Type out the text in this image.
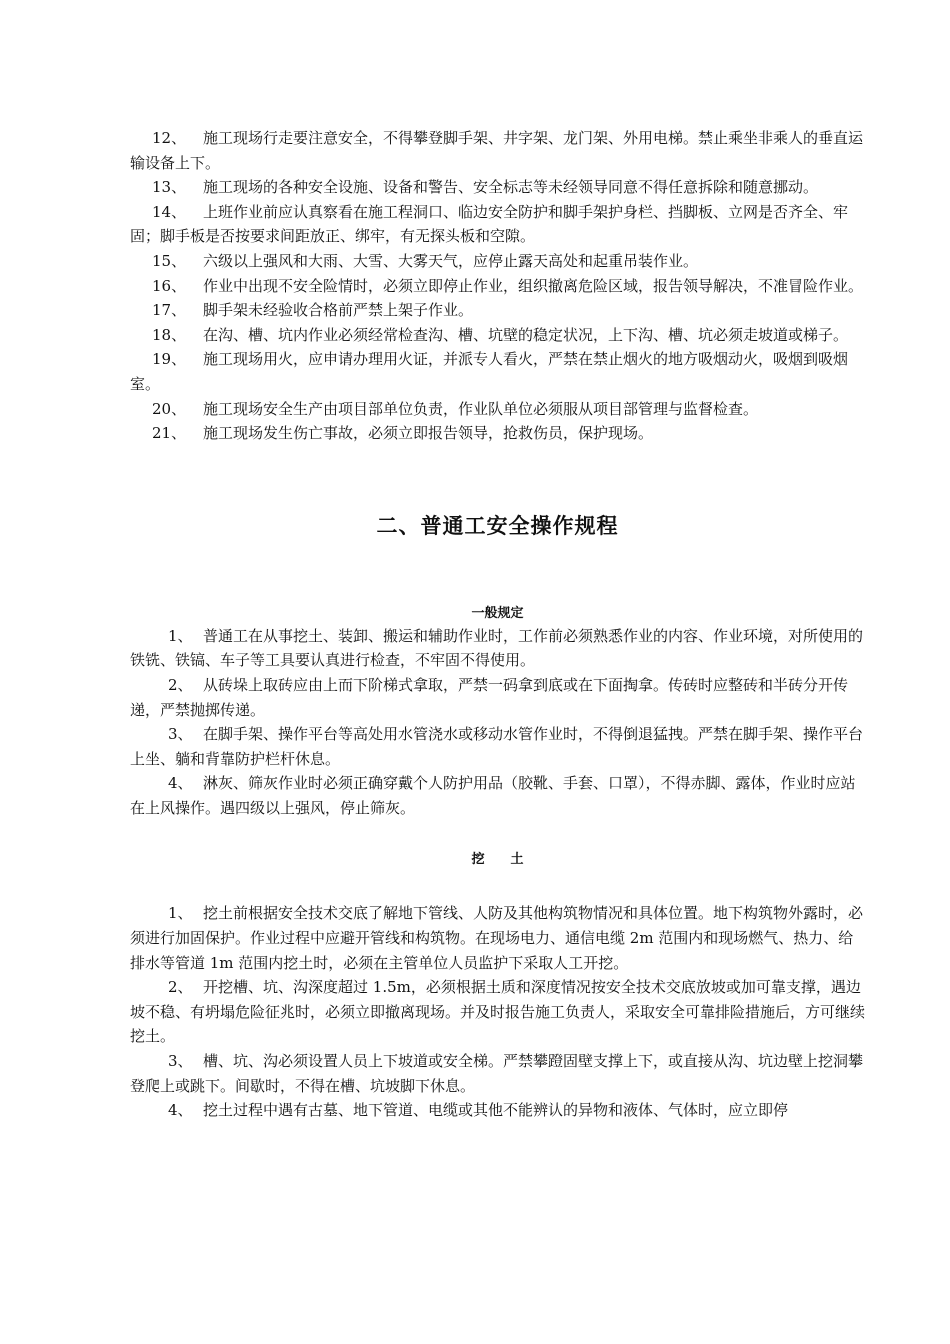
12、 施工现场行走要注意安全，不得攀登脚手架、井字架、龙门架、外用电梯。禁止乘坐非乘人的垂直运输设备上下。

13、 施工现场的各种安全设施、设备和警告、安全标志等未经领导同意不得任意拆除和随意挪动。

14、 上班作业前应认真察看在施工程洞口、临边安全防护和脚手架护身栏、挡脚板、立网是否齐全、牢固；脚手板是否按要求间距放正、绑牢，有无探头板和空隙。

15、 六级以上强风和大雨、大雪、大雾天气，应停止露天高处和起重吊装作业。

16、 作业中出现不安全险情时，必须立即停止作业，组织撤离危险区域，报告领导解决，不准冒险作业。

17、 脚手架未经验收合格前严禁上架子作业。

18、 在沟、槽、坑内作业必须经常检查沟、槽、坑壁的稳定状况，上下沟、槽、坑必须走坡道或梯子。

19、 施工现场用火，应申请办理用火证，并派专人看火，严禁在禁止烟火的地方吸烟动火，吸烟到吸烟室。

20、 施工现场安全生产由项目部单位负责，作业队单位必须服从项目部管理与监督检查。

21、 施工现场发生伤亡事故，必须立即报告领导，抢救伤员，保护现场。

二、普通工安全操作规程
一般规定

1、 普通工在从事挖土、装卸、搬运和辅助作业时，工作前必须熟悉作业的内容、作业环境，对所使用的铁铣、铁镐、车子等工具要认真进行检查，不牢固不得使用。

2、 从砖垛上取砖应由上而下阶梯式拿取，严禁一码拿到底或在下面掏拿。传砖时应整砖和半砖分开传递，严禁抛掷传递。

3、 在脚手架、操作平台等高处用水管浇水或移动水管作业时，不得倒退猛拽。严禁在脚手架、操作平台上坐、躺和背靠防护栏杆休息。

4、 淋灰、筛灰作业时必须正确穿戴个人防护用品（胶靴、手套、口罩），不得赤脚、露体，作业时应站在上风操作。遇四级以上强风，停止筛灰。

挖　　土

1、 挖土前根据安全技术交底了解地下管线、人防及其他构筑物情况和具体位置。地下构筑物外露时，必须进行加固保护。作业过程中应避开管线和构筑物。在现场电力、通信电缆 2m 范围内和现场燃气、热力、给排水等管道 1m 范围内挖土时，必须在主管单位人员监护下采取人工开挖。

2、 开挖槽、坑、沟深度超过 1.5m，必须根据土质和深度情况按安全技术交底放坡或加可靠支撑，遇边坡不稳、有坍塌危险征兆时，必须立即撤离现场。并及时报告施工负责人，采取安全可靠排险措施后，方可继续挖土。

3、 槽、坑、沟必须设置人员上下坡道或安全梯。严禁攀蹬固壁支撑上下，或直接从沟、坑边壁上挖洞攀登爬上或跳下。间歇时，不得在槽、坑坡脚下休息。

4、 挖土过程中遇有古墓、地下管道、电缆或其他不能辨认的异物和液体、气体时，应立即停
